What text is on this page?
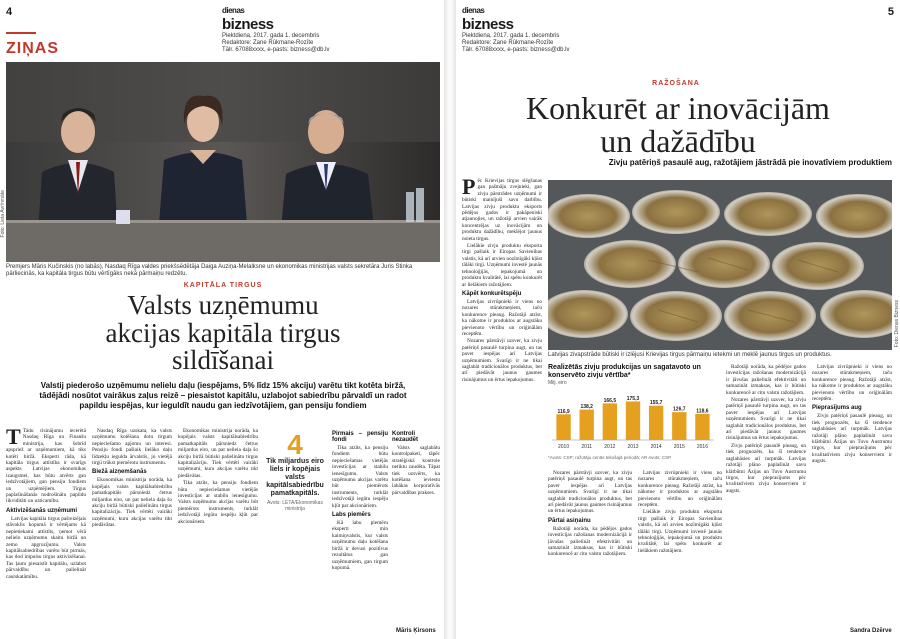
4
ZIŅAS
dienas
bizness
Piektdiena, 2017. gada 1. decembris
Redaktore: Zane Rūkmane-Rozīte
Tālr. 67088xxxx, e-pasts: bizness@db.lv
Foto: Lieta Avrīnmāte
Premjers Māris Kučinskis (no labās), Nasdaq Rīga valdes priekšsēdētāja Daiga Auziņa-Melalksne un ekonomikas ministrijas valsts sekretāra Juris Stinka pārliecinās, ka kapitāla tirgus būtu vērtīgāks nekā pārmaiņu redzētu.
KAPITĀLA TIRGUS
Valsts uzņēmumu
akcijas kapitāla tirgus
sildīšanai
Valstij piederošo uzņēmumu nelielu daļu (iespējams, 5% līdz 15% akciju) varētu tikt kotēta biržā, tādējādi nosūtot vairākus zaļus reizē – piesaistot kapitālu, uzlabojot sabiedrību pārvaldī un radot papildu iespējas, kur ieguldīt naudu gan iedzīvotājiem, gan pensiju fondiem

T Tādu risinājumu iecerētā Nasdaq Rīga un Finanšu ministrija, kas šobrīd apspriež ar uzņēmumiem, kā tiks kotēti biržā. Eksperti rāda, kā kapitāla tirgus attīstība ir svarīgs aspekts Latvijas ekonomikas izaugsmei, kas būtu atvērts gan iedzīvotājiem, gan pensiju fondiem un uzņēmējiem. Tirgus paplašināšanās nodrošinātu papildu likviditāti un uzticamību.

Aktivizēšanās uzņēmumi

Latvijas kapitāla tirgus pašreizējais stāvoklis kopumā ir vērtējams kā nepietiekami attīstīts, ņemot vērā nelielo uzņēmumu skaitu biržā un zemo apgrozījumu. Valsts kapitālsabiedrības varētu būt pirmās, kas dod impulsu tirgus aktivizēšanai. Tas ļautu piesaistīt kapitālu, uzlabot pārvaldību un palielināt caurskatāmību.

Nasdaq Rīga uzskata, ka valsts uzņēmumu kotēšana dotu tirgum nepieciešamo apjomu un interesi. Pensiju fondi pašlaik lielāko daļu līdzekļu iegulda ārvalstīs, jo vietējā tirgū trūkst piemērotu instrumentu.

Biežā aizņemšanās

Ekonomikas ministrija norāda, ka kopējais valsts kapitālsabiedrību pamatkapitāls pārsniedz četrus miljardus eiro, un pat neliela daļa šo akciju biržā būtiski palielinātu tirgus kapitalizāciju. Tiek vērtēti vairāki uzņēmumi, kuru akcijas varētu tikt piedāvātas.

Ekonomikas ministrija norāda, ka kopējais valsts kapitālsabiedrību pamatkapitāls pārsniedz četrus miljardus eiro, un pat neliela daļa šo akciju biržā būtiski palielinātu tirgus kapitalizāciju. Tiek vērtēti vairāki uzņēmumi, kuru akcijas varētu tikt piedāvātas.

Tika atzīts, ka pensiju fondiem būtu nepieciešamas vietējās investīcijas ar stabilu ienesīgumu. Valsts uzņēmumu akcijas varētu būt piemērots instruments, turklāt iedzīvotāji iegūtu iespēju kļūt par akcionāriem.

4
Tik miljardus eiro liels ir kopējais valsts kapitālsabiedrību pamatkapitāls.
Avots: LETA/Ekonomikas ministrija

Pirmais – pensiju fondi

Tika atzīts, ka pensiju fondiem būtu nepieciešamas vietējās investīcijas ar stabilu ienesīgumu. Valsts uzņēmumu akcijas varētu būt piemērots instruments, turklāt iedzīvotāji iegūtu iespēju kļūt par akcionāriem.

Labs piemērs

Kā labu piemēru eksperti min kaimiņvalstis, kur valsts uzņēmumu daļu kotēšana biržā ir devusi pozitīvus rezultātus gan uzņēmumiem, gan tirgum kopumā.

Kontroli nezaudēt

Valsts saglabātu kontrolpaketi, tāpēc stratēģiskā kontrole netiktu zaudēta. Tāpat tiek uzsvērts, ka kotēšana ieviestu labākas korporatīvās pārvaldības prakses.

Māris Ķirsons
5
dienas
bizness
Piektdiena, 2017. gada 1. decembris
Redaktore: Zane Rūkmane-Rozīte
Tālr. 67088xxxx, e-pasts: bizness@db.lv
RAŽOŠANA
Konkurēt ar inovācijām
un dažādību
Zivju patēriņš pasaulē aug, ražotājiem jāstrādā pie inovatīviem produktiem

Pēc Krievijas tirgus slēgšanas gan pašmāju zvejnieki, gan zivju pārstrādes uzņēmumi ir būtiski mainījuši savu darbību. Latvijas zivju produktu eksports pēdējos gados ir pakāpeniski atjaunojies, un ražotāji arvien vairāk koncentrējas uz inovācijām un produktu dažādību, meklējot jaunus noieta tirgus.

Lielākie zivju produktu eksporta tirgi pašlaik ir Eiropas Savienības valstis, kā arī arvien nozīmīgāki kļūst tālāki tirgi. Uzņēmumi investē jaunās tehnoloģijās, iepakojumā un produktu kvalitātē, lai spētu konkurēt ar lielākiem ražotājiem.

Kāpēt konkurētspēju

Latvijas zivrūpnieki ir viens no nozares stūrakmeņiem, taču konkurence pieaug. Ražotāji atzīst, ka nākotne ir produktos ar augstāku pievienoto vērtību un oriģinālām receptēm.

Nozares pārstāvji uzsver, ka zivju patēriņš pasaulē turpina augt, un tas paver iespējas arī Latvijas uzņēmumiem. Svarīgi ir ne tikai saglabāt tradicionālos produktus, bet arī piedāvāt jaunus gaumes risinājumus un ērtus iepakojumus.

Foto: Dienas Bizness
Latvijas zivapstrāde būtiski ir izlējusi Krievijas tirgus pārmaiņu ietekmi un meklē jaunus tirgus un produktus.
Realizētās zivju produkcijas un sagatavoto un konservēto zivju vērtība*
Milj. eiro
116,9
2010
138,2
2011
166,5
2012
175,3
2013
155,7
2014
126,7
2015
118,6
2016
*Avots: CSP; ražotāju cenās tekošajā periodā; AR Avots: CSP

Nozares pārstāvji uzsver, ka zivju patēriņš pasaulē turpina augt, un tas paver iespējas arī Latvijas uzņēmumiem. Svarīgi ir ne tikai saglabāt tradicionālos produktus, bet arī piedāvāt jaunus gaumes risinājumus un ērtus iepakojumus.

Pārtai asiņainu

Ražotāji norāda, ka pēdējos gados investīcijas ražošanas modernizācijā ir ļāvušas palielināt efektivitāti un samazināt izmaksas, kas ir būtiski konkurencē ar citu valstu ražotājiem.

Latvijas zivrūpnieki ir viens no nozares stūrakmeņiem, taču konkurence pieaug. Ražotāji atzīst, ka nākotne ir produktos ar augstāku pievienoto vērtību un oriģinālām receptēm.

Lielākie zivju produktu eksporta tirgi pašlaik ir Eiropas Savienības valstis, kā arī arvien nozīmīgāki kļūst tālāki tirgi. Uzņēmumi investē jaunās tehnoloģijās, iepakojumā un produktu kvalitātē, lai spētu konkurēt ar lielākiem ražotājiem.

Ražotāji norāda, ka pēdējos gados investīcijas ražošanas modernizācijā ir ļāvušas palielināt efektivitāti un samazināt izmaksas, kas ir būtiski konkurencē ar citu valstu ražotājiem.

Nozares pārstāvji uzsver, ka zivju patēriņš pasaulē turpina augt, un tas paver iespējas arī Latvijas uzņēmumiem. Svarīgi ir ne tikai saglabāt tradicionālos produktus, bet arī piedāvāt jaunus gaumes risinājumus un ērtus iepakojumus.

Zivju patēriņš pasaulē pieaug, un tiek prognozēts, ka šī tendence saglabāsies arī turpmāk. Latvijas ražotāji plāno paplašināt savu klātbūtni Āzijas un Tuvo Austrumu tirgos, kur pieprasījums pēc kvalitatīviem zivju konserviem ir augsts.

Latvijas zivrūpnieki ir viens no nozares stūrakmeņiem, taču konkurence pieaug. Ražotāji atzīst, ka nākotne ir produktos ar augstāku pievienoto vērtību un oriģinālām receptēm.

Pieprasījums aug

Zivju patēriņš pasaulē pieaug, un tiek prognozēts, ka šī tendence saglabāsies arī turpmāk. Latvijas ražotāji plāno paplašināt savu klātbūtni Āzijas un Tuvo Austrumu tirgos, kur pieprasījums pēc kvalitatīviem zivju konserviem ir augsts.

Sandra Dzērve
